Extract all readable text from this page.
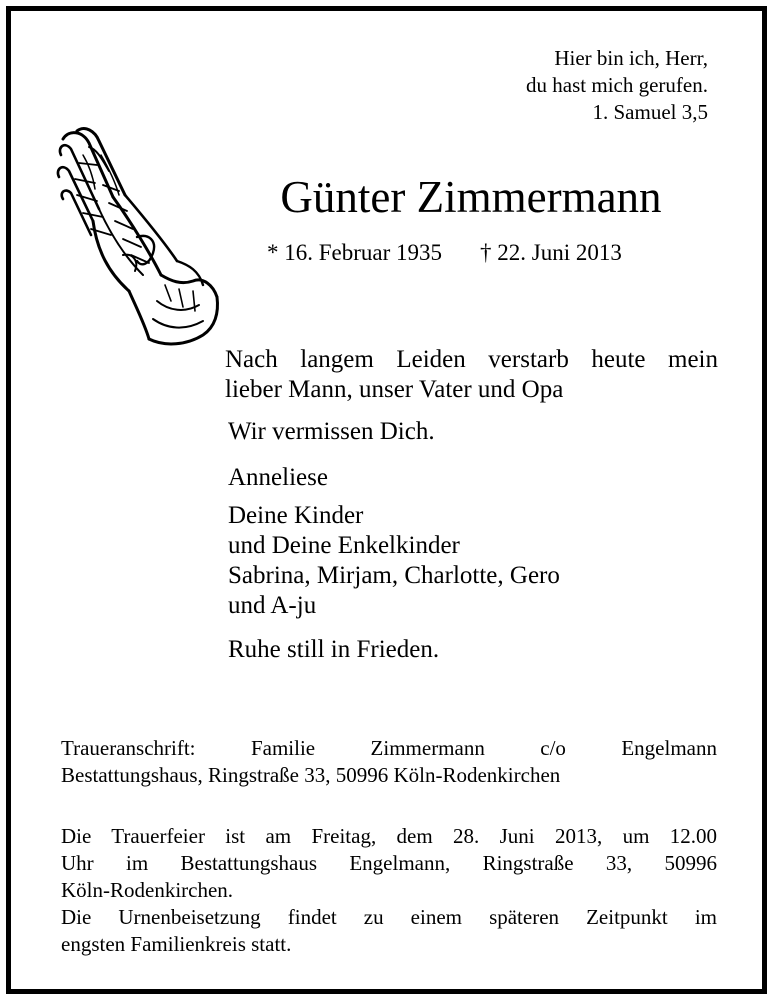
Hier bin ich, Herr,
du hast mich gerufen.
1. Samuel 3,5
Günter Zimmermann
* 16. Februar 1935 † 22. Juni 2013
Nach langem Leiden verstarb heute mein
lieber Mann, unser Vater und Opa
Wir vermissen Dich.
Anneliese
Deine Kinder
und Deine Enkelkinder
Sabrina, Mirjam, Charlotte, Gero
und A-ju
Ruhe still in Frieden.
Traueranschrift: Familie Zimmermann c/o Engelmann
Bestattungshaus, Ringstraße 33, 50996 Köln-Rodenkirchen
Die Trauerfeier ist am Freitag, dem 28. Juni 2013, um 12.00
Uhr im Bestattungshaus Engelmann, Ringstraße 33, 50996
Köln-Rodenkirchen.
Die Urnenbeisetzung findet zu einem späteren Zeitpunkt im
engsten Familienkreis statt.
